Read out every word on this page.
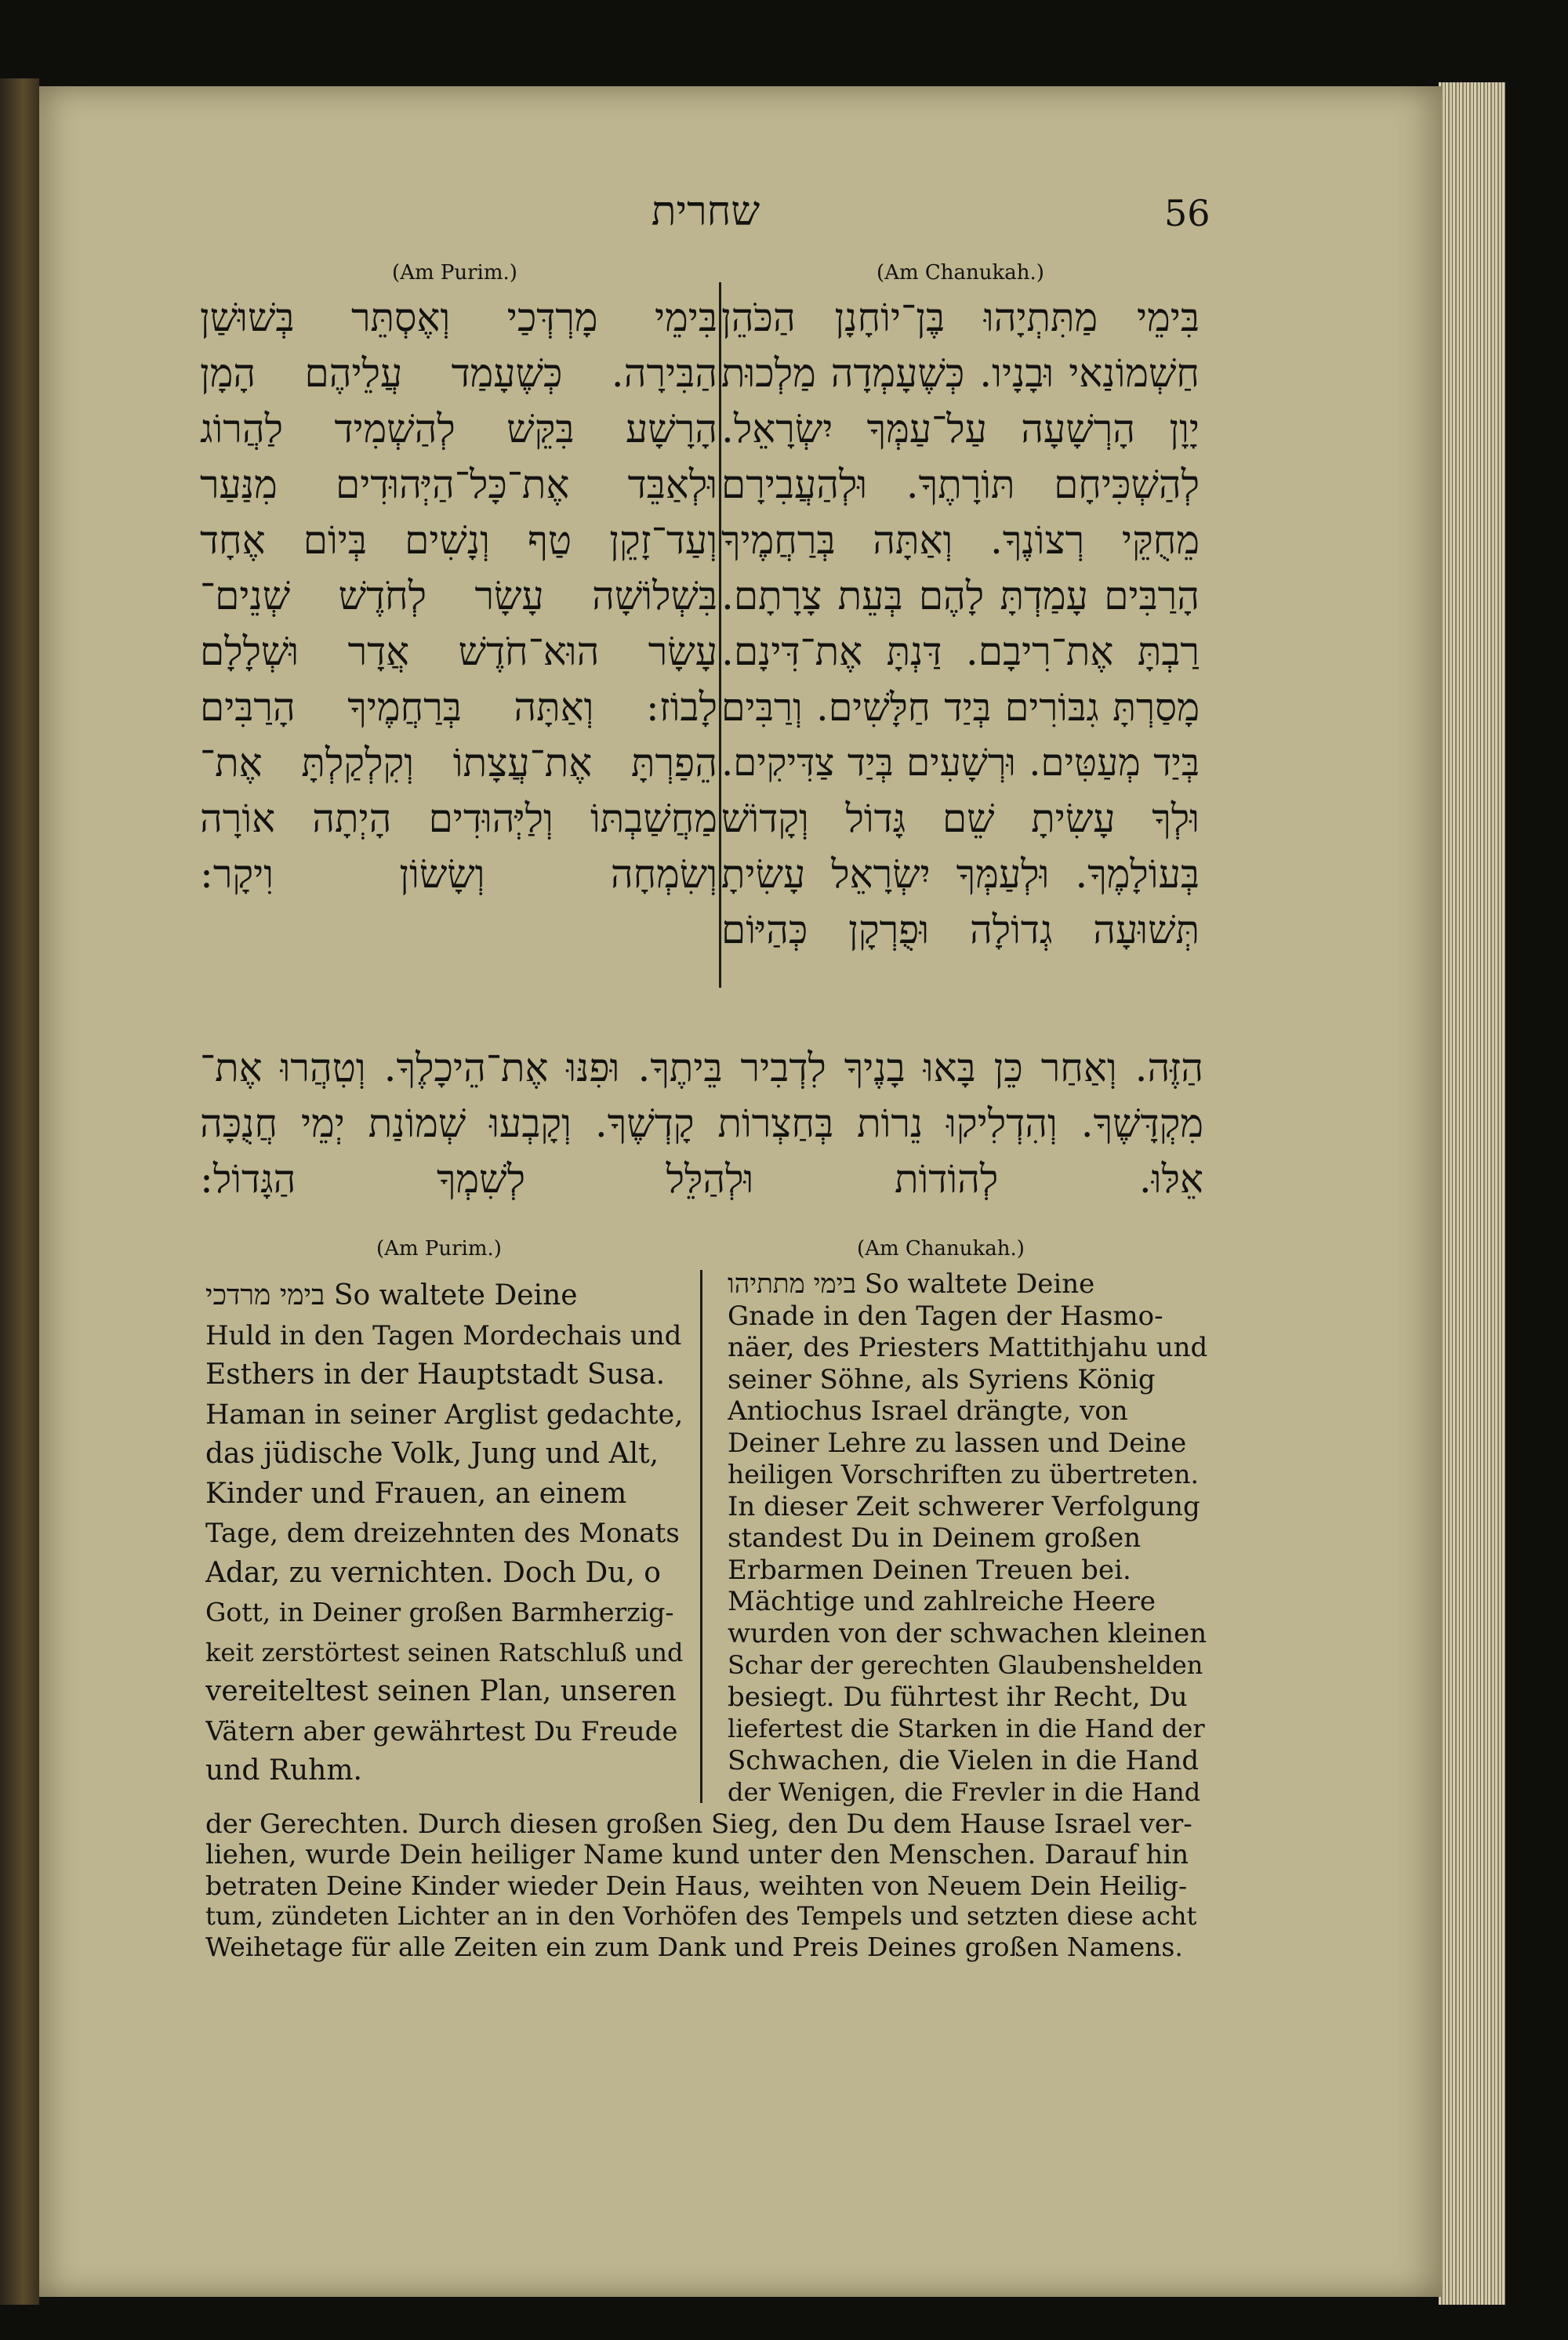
שחרית	56
(Am Purim.)	(Am Chanukah.)
בִּימֵי מָרְדְּכַי וְאֶסְתֵּר בְּשׁוּשַׁן
הַבִּירָה. כְּשֶׁעָמַד עֲלֵיהֶם הָמָן
הָרָשָׁע בִּקֵּשׁ לְהַשְׁמִיד לַהֲרוֹג
וּלְאַבֵּד אֶת־כָּל־הַיְּהוּדִים מִנַּעַר
וְעַד־זָקֵן טַף וְנָשִׁים בְּיוֹם אֶחָד
בִּשְׁלוֹשָׁה עָשָׂר לְחֹדֶשׁ שְׁנֵים־
עָשָׂר הוּא־חֹדֶשׁ אֲדָר וּשְׁלָלָם
לָבוֹז: וְאַתָּה בְּרַחֲמֶיךָ הָרַבִּים
הֵפַרְתָּ אֶת־עֲצָתוֹ וְקִלְקַלְתָּ אֶת־
מַחֲשַׁבְתּוֹ וְלַיְּהוּדִים הָיְתָה אוֹרָה
וְשִׂמְחָה וְשָׂשׂוֹן וִיקָר:
בִּימֵי מַתִּתְיָהוּ בֶּן־יוֹחָנָן הַכֹּהֵן
חַשְׁמוֹנַאי וּבָנָיו. כְּשֶׁעָמְדָה מַלְכוּת
יָוָן הָרְשָׁעָה עַל־עַמְּךָ יִשְׂרָאֵל.
לְהַשְׁכִּיחָם תּוֹרָתֶךָ. וּלְהַעֲבִירָם
מֵחֻקֵּי רְצוֹנֶךָ. וְאַתָּה בְּרַחֲמֶיךָ
הָרַבִּים עָמַדְתָּ לָהֶם בְּעֵת צָרָתָם.
רַבְתָּ אֶת־רִיבָם. דַּנְתָּ אֶת־דִּינָם.
מָסַרְתָּ גִבּוֹרִים בְּיַד חַלָּשִׁים. וְרַבִּים
בְּיַד מְעַטִּים. וּרְשָׁעִים בְּיַד צַדִּיקִים.
וּלְךָ עָשִׂיתָ שֵׁם גָּדוֹל וְקָדוֹשׁ
בְּעוֹלָמֶךָ. וּלְעַמְּךָ יִשְׂרָאֵל עָשִׂיתָ
תְּשׁוּעָה גְדוֹלָה וּפֻרְקָן כְּהַיּוֹם
הַזֶּה. וְאַחַר כֵּן בָּאוּ בָנֶיךָ לִדְבִיר בֵּיתֶךָ. וּפִנּוּ אֶת־הֵיכָלֶךָ. וְטִהֲרוּ אֶת־
מִקְדָּשֶׁךָ. וְהִדְלִיקוּ נֵרוֹת בְּחַצְרוֹת קָדְשֶׁךָ. וְקָבְעוּ שְׁמוֹנַת יְמֵי חֲנֻכָּה
אֵלּוּ. לְהוֹדוֹת וּלְהַלֵּל לְשִׁמְךָ הַגָּדוֹל:
(Am Purim.)	(Am Chanukah.)
בימי מרדכי So waltete Deine
Huld in den Tagen Mordechais und
Esthers in der Hauptstadt Susa.
Haman in seiner Arglist gedachte,
das jüdische Volk, Jung und Alt,
Kinder und Frauen, an einem
Tage, dem dreizehnten des Monats
Adar, zu vernichten. Doch Du, o
Gott, in Deiner großen Barmherzig-
keit zerstörtest seinen Ratschluß und
vereiteltest seinen Plan, unseren
Vätern aber gewährtest Du Freude
und Ruhm.
בימי מתתיהו So waltete Deine
Gnade in den Tagen der Hasmo-
näer, des Priesters Mattithjahu und
seiner Söhne, als Syriens König
Antiochus Israel drängte, von
Deiner Lehre zu lassen und Deine
heiligen Vorschriften zu übertreten.
In dieser Zeit schwerer Verfolgung
standest Du in Deinem großen
Erbarmen Deinen Treuen bei.
Mächtige und zahlreiche Heere
wurden von der schwachen kleinen
Schar der gerechten Glaubenshelden
besiegt. Du führtest ihr Recht, Du
liefertest die Starken in die Hand der
Schwachen, die Vielen in die Hand
der Wenigen, die Frevler in die Hand
der Gerechten. Durch diesen großen Sieg, den Du dem Hause Israel ver-
liehen, wurde Dein heiliger Name kund unter den Menschen. Darauf hin
betraten Deine Kinder wieder Dein Haus, weihten von Neuem Dein Heilig-
tum, zündeten Lichter an in den Vorhöfen des Tempels und setzten diese acht
Weihetage für alle Zeiten ein zum Dank und Preis Deines großen Namens.
